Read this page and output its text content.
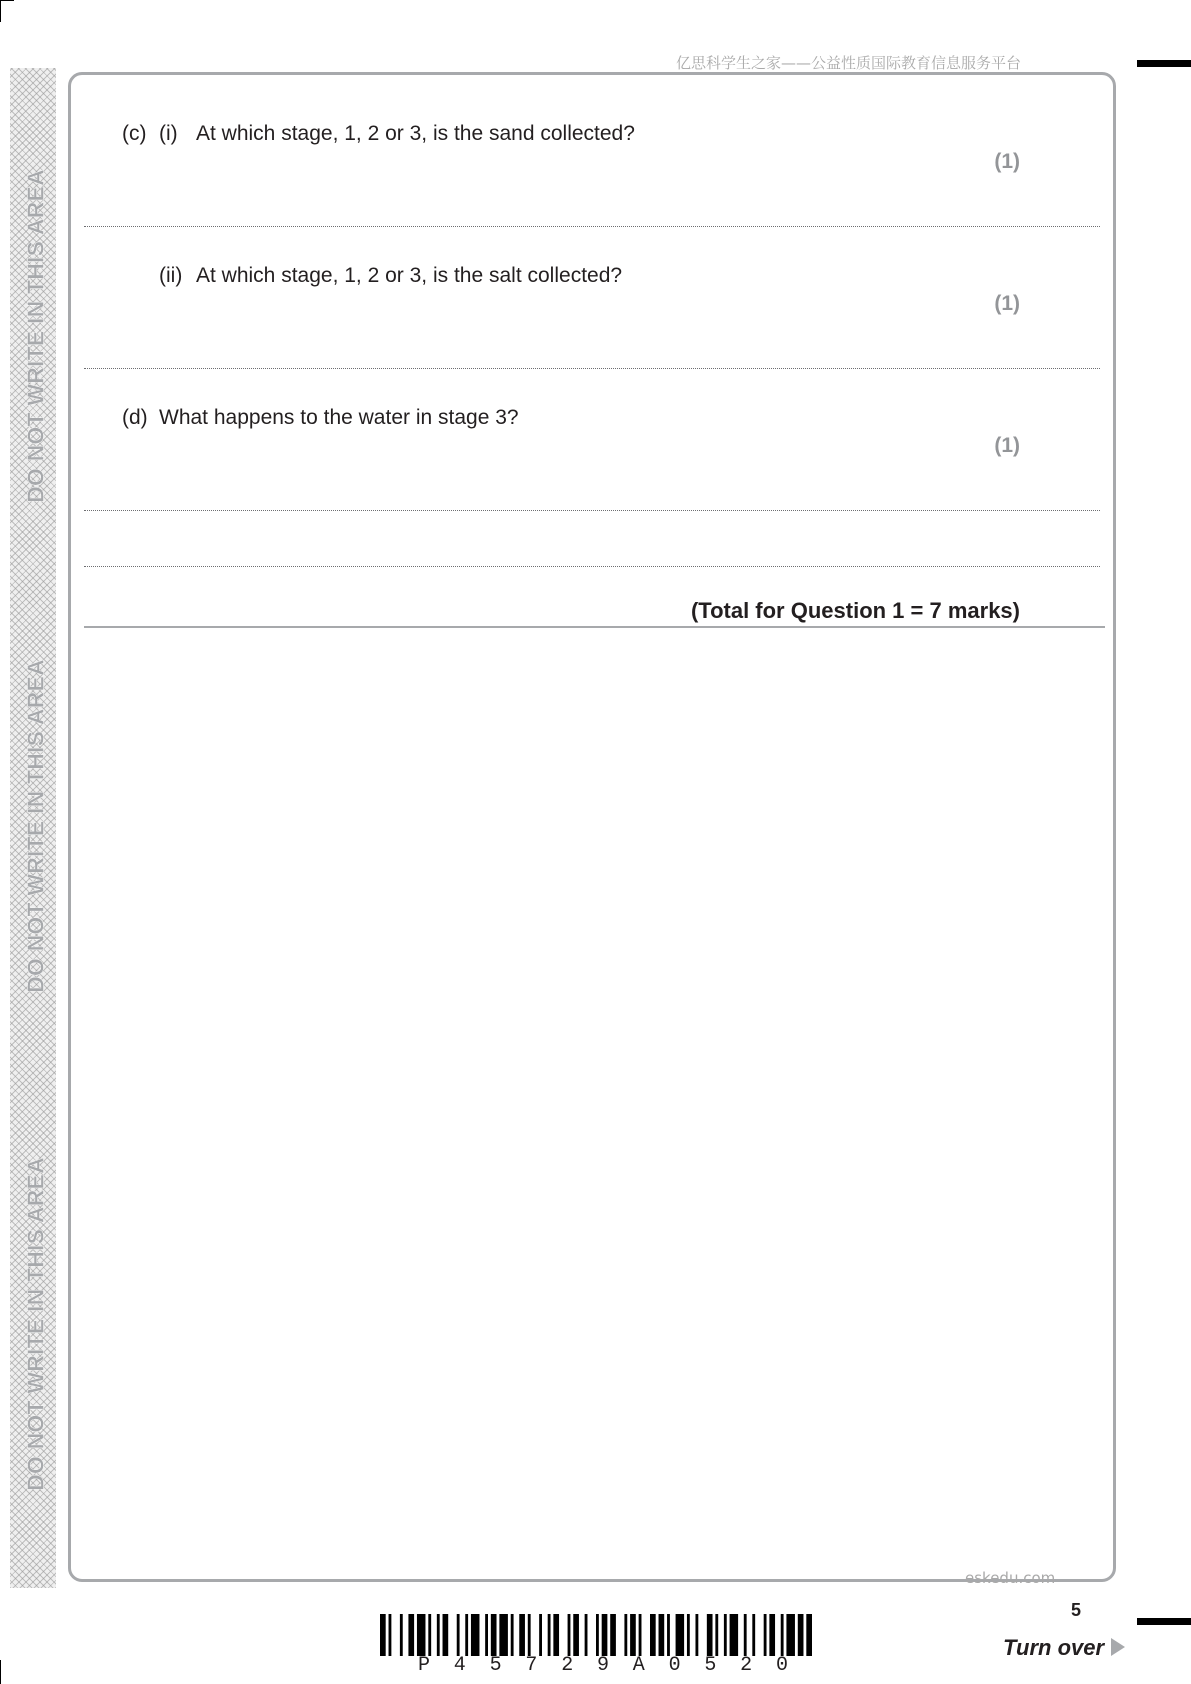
DO NOT WRITE IN THIS AREA
DO NOT WRITE IN THIS AREA
DO NOT WRITE IN THIS AREA
亿思科学生之家——公益性质国际教育信息服务平台
(c) (i) At which stage, 1, 2 or 3, is the sand collected?
(1)
(ii) At which stage, 1, 2 or 3, is the salt collected?
(1)
(d) What happens to the water in stage 3?
(1)
(Total for Question 1 = 7 marks)
eskedu.com
5
P 4 5 7 2 9 A 0 5 2 0
Turn over
